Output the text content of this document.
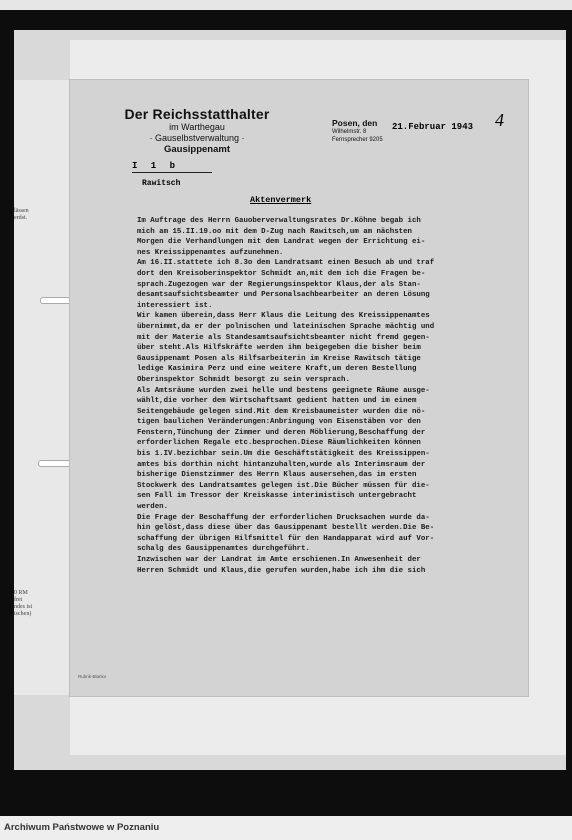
lässen
erdst.
0 RM
frei
ndes ist
ischen)
Der Reichsstatthalter
im Warthegau
· Gauselbstverwaltung ·
Gausippenamt
I 1 b
Rawitsch
Posen, den
Wilhelmstr. 8
Fernsprecher 9205
21.Februar 1943 4
Aktenvermerk
Im Auftrage des Herrn Gauoberverwaltungsrates Dr.Köhne begab ich
mich am 15.II.19.oo mit dem D-Zug nach Rawitsch,um am nächsten
Morgen die Verhandlungen mit dem Landrat wegen der Errichtung ei-
nes Kreissippenamtes aufzunehmen.
Am 16.II.stattete ich 8.3o dem Landratsamt einen Besuch ab und traf
dort den Kreisoberinspektor Schmidt an,mit dem ich die Fragen be-
sprach.Zugezogen war der Regierungsinspektor Klaus,der als Stan-
desamtsaufsichtsbeamter und Personalsachbearbeiter an deren Lösung
interessiert ist.
Wir kamen überein,dass Herr Klaus die Leitung des Kreissippenamtes
übernimmt,da er der polnischen und lateinischen Sprache mächtig und
mit der Materie als Standesamtsaufsichtsbeamter nicht fremd gegen-
über steht.Als Hilfskräfte werden ihm beigegeben die bisher beim
Gausippenamt Posen als Hilfsarbeiterin im Kreise Rawitsch tätige
ledige Kasimira Perz und eine weitere Kraft,um deren Bestellung
Oberinspektor Schmidt besorgt zu sein versprach.
Als Amtsräume wurden zwei helle und bestens geeignete Räume ausge-
wählt,die vorher dem Wirtschaftsamt gedient hatten und im einem
Seitengebäude gelegen sind.Mit dem Kreisbaumeister wurden die nö-
tigen baulichen Veränderungen:Anbringung von Eisenstäben vor den
Fenstern,Tünchung der Zimmer und deren Möblierung,Beschaffung der
erforderlichen Regale etc.besprochen.Diese Räumlichkeiten können
bis 1.IV.bezichbar sein.Um die Geschäftstätigkeit des Kreissippen-
amtes bis dorthin nicht hintanzuhalten,wurde als Interimsraum der
bisherige Dienstzimmer des Herrn Klaus ausersehen,das im ersten
Stockwerk des Landratsamtes gelegen ist.Die Bücher müssen für die-
sen Fall im Tressor der Kreiskasse interimistisch untergebracht
werden.
Die Frage der Beschaffung der erforderlichen Drucksachen wurde da-
hin gelöst,dass diese über das Gausippenamt bestellt werden.Die Be-
schaffung der übrigen Hilfsmittel für den Handapparat wird auf Vor-
schalg des Gausippenamtes durchgeführt.
Inzwischen war der Landrat im Amte erschienen.In Anwesenheit der
Herren Schmidt und Klaus,die gerufen wurden,habe ich ihm die sich
Rubrik-Blanko
Archiwum Państwowe w Poznaniu
